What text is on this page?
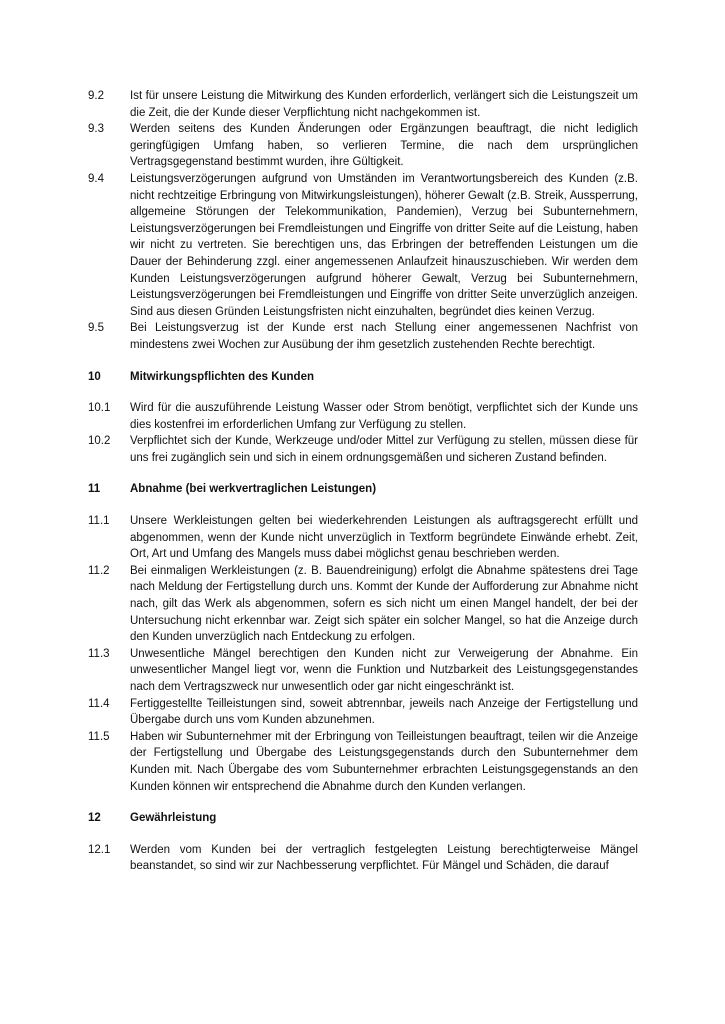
9.2	Ist für unsere Leistung die Mitwirkung des Kunden erforderlich, verlängert sich die Leistungszeit um die Zeit, die der Kunde dieser Verpflichtung nicht nachgekommen ist.
9.3	Werden seitens des Kunden Änderungen oder Ergänzungen beauftragt, die nicht lediglich geringfügigen Umfang haben, so verlieren Termine, die nach dem ursprünglichen Vertragsgegenstand bestimmt wurden, ihre Gültigkeit.
9.4	Leistungsverzögerungen aufgrund von Umständen im Verantwortungsbereich des Kunden (z.B. nicht rechtzeitige Erbringung von Mitwirkungsleistungen), höherer Gewalt (z.B. Streik, Aussperrung, allgemeine Störungen der Telekommunikation, Pandemien), Verzug bei Subunternehmern, Leistungsverzögerungen bei Fremdleistungen und Eingriffe von dritter Seite auf die Leistung, haben wir nicht zu vertreten. Sie berechtigen uns, das Erbringen der betreffenden Leistungen um die Dauer der Behinderung zzgl. einer angemessenen Anlaufzeit hinauszuschieben. Wir werden dem Kunden Leistungsverzögerungen aufgrund höherer Gewalt, Verzug bei Subunternehmern, Leistungsverzögerungen bei Fremdleistungen und Eingriffe von dritter Seite unverzüglich anzeigen. Sind aus diesen Gründen Leistungsfristen nicht einzuhalten, begründet dies keinen Verzug.
9.5	Bei Leistungsverzug ist der Kunde erst nach Stellung einer angemessenen Nachfrist von mindestens zwei Wochen zur Ausübung der ihm gesetzlich zustehenden Rechte berechtigt.
10	Mitwirkungspflichten des Kunden
10.1	Wird für die auszuführende Leistung Wasser oder Strom benötigt, verpflichtet sich der Kunde uns dies kostenfrei im erforderlichen Umfang zur Verfügung zu stellen.
10.2	Verpflichtet sich der Kunde, Werkzeuge und/oder Mittel zur Verfügung zu stellen, müssen diese für uns frei zugänglich sein und sich in einem ordnungsgemäßen und sicheren Zustand befinden.
11	Abnahme (bei werkvertraglichen Leistungen)
11.1	Unsere Werkleistungen gelten bei wiederkehrenden Leistungen als auftragsgerecht erfüllt und abgenommen, wenn der Kunde nicht unverzüglich in Textform begründete Einwände erhebt. Zeit, Ort, Art und Umfang des Mangels muss dabei möglichst genau beschrieben werden.
11.2	Bei einmaligen Werkleistungen (z. B. Bauendreinigung) erfolgt die Abnahme spätestens drei Tage nach Meldung der Fertigstellung durch uns. Kommt der Kunde der Aufforderung zur Abnahme nicht nach, gilt das Werk als abgenommen, sofern es sich nicht um einen Mangel handelt, der bei der Untersuchung nicht erkennbar war. Zeigt sich später ein solcher Mangel, so hat die Anzeige durch den Kunden unverzüglich nach Entdeckung zu erfolgen.
11.3	Unwesentliche Mängel berechtigen den Kunden nicht zur Verweigerung der Abnahme. Ein unwesentlicher Mangel liegt vor, wenn die Funktion und Nutzbarkeit des Leistungsgegenstandes nach dem Vertragszweck nur unwesentlich oder gar nicht eingeschränkt ist.
11.4	Fertiggestellte Teilleistungen sind, soweit abtrennbar, jeweils nach Anzeige der Fertigstellung und Übergabe durch uns vom Kunden abzunehmen.
11.5	Haben wir Subunternehmer mit der Erbringung von Teilleistungen beauftragt, teilen wir die Anzeige der Fertigstellung und Übergabe des Leistungsgegenstands durch den Subunternehmer dem Kunden mit. Nach Übergabe des vom Subunternehmer erbrachten Leistungsgegenstands an den Kunden können wir entsprechend die Abnahme durch den Kunden verlangen.
12	Gewährleistung
12.1	Werden vom Kunden bei der vertraglich festgelegten Leistung berechtigterweise Mängel beanstandet, so sind wir zur Nachbesserung verpflichtet. Für Mängel und Schäden, die darauf
